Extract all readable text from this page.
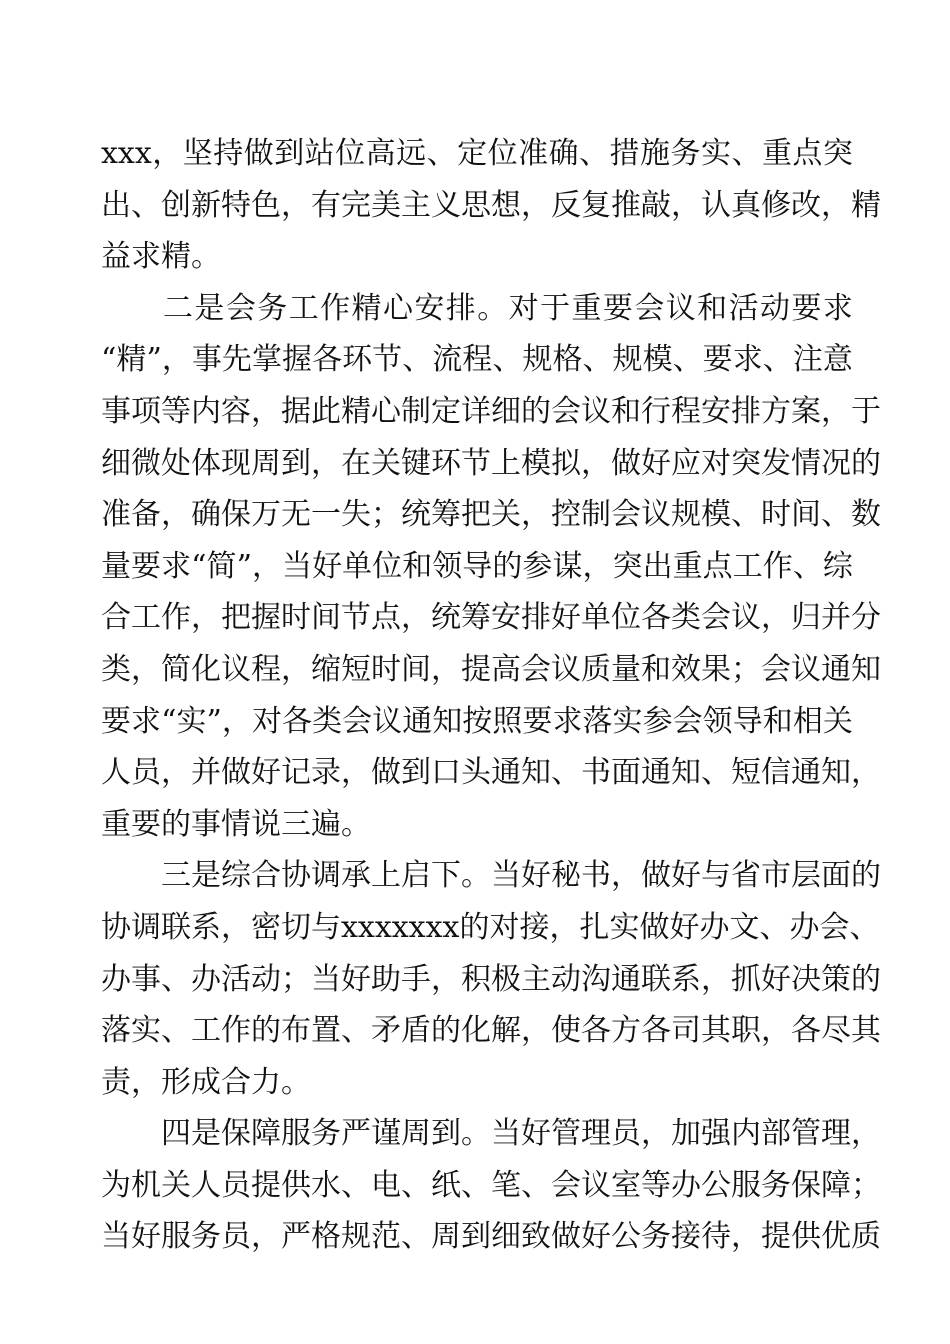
xxx ， 坚 持 做 到 站 位 高 远 、 定 位 准 确 、 措 施 务 实 、 重 点 突
出 、 创 新 特 色 ， 有 完 美 主 义 思 想 ， 反 复 推 敲 ， 认 真 修 改 ， 精
益求精。
二 是 会 务 工 作 精 心 安 排 。 对 于 重 要 会 议 和 活 动 要 求
“ 精 ” ， 事 先 掌 握 各 环 节 、 流 程 、 规 格 、 规 模 、 要 求 、 注 意
事 项 等 内 容 ， 据 此 精 心 制 定 详 细 的 会 议 和 行 程 安 排 方 案 ， 于
细 微 处 体 现 周 到 ， 在 关 键 环 节 上 模 拟 ， 做 好 应 对 突 发 情 况 的
准 备 ， 确 保 万 无 一 失 ； 统 筹 把 关 ， 控 制 会 议 规 模 、 时 间 、 数
量 要 求 “ 简 ” ， 当 好 单 位 和 领 导 的 参 谋 ， 突 出 重 点 工 作 、 综
合 工 作 ， 把 握 时 间 节 点 ， 统 筹 安 排 好 单 位 各 类 会 议 ， 归 并 分
类 ， 简 化 议 程 ， 缩 短 时 间 ， 提 高 会 议 质 量 和 效 果 ； 会 议 通 知
要 求 “ 实 ” ， 对 各 类 会 议 通 知 按 照 要 求 落 实 参 会 领 导 和 相 关
人 员 ， 并 做 好 记 录 ， 做 到 口 头 通 知 、 书 面 通 知 、 短 信 通 知 ，
重要的事情说三遍。
三 是 综 合 协 调 承 上 启 下 。 当 好 秘 书 ， 做 好 与 省 市 层 面 的
协 调 联 系 ， 密 切 与 xxxxxxx 的 对 接 ， 扎 实 做 好 办 文 、 办 会 、
办 事 、 办 活 动 ； 当 好 助 手 ， 积 极 主 动 沟 通 联 系 ， 抓 好 决 策 的
落 实 、 工 作 的 布 置 、 矛 盾 的 化 解 ， 使 各 方 各 司 其 职 ， 各 尽 其
责，形成合力。
四 是 保 障 服 务 严 谨 周 到 。 当 好 管 理 员 ， 加 强 内 部 管 理 ，
为 机 关 人 员 提 供 水 、 电 、 纸 、 笔 、 会 议 室 等 办 公 服 务 保 障 ；
当 好 服 务 员 ， 严 格 规 范 、 周 到 细 致 做 好 公 务 接 待 ， 提 供 优 质
